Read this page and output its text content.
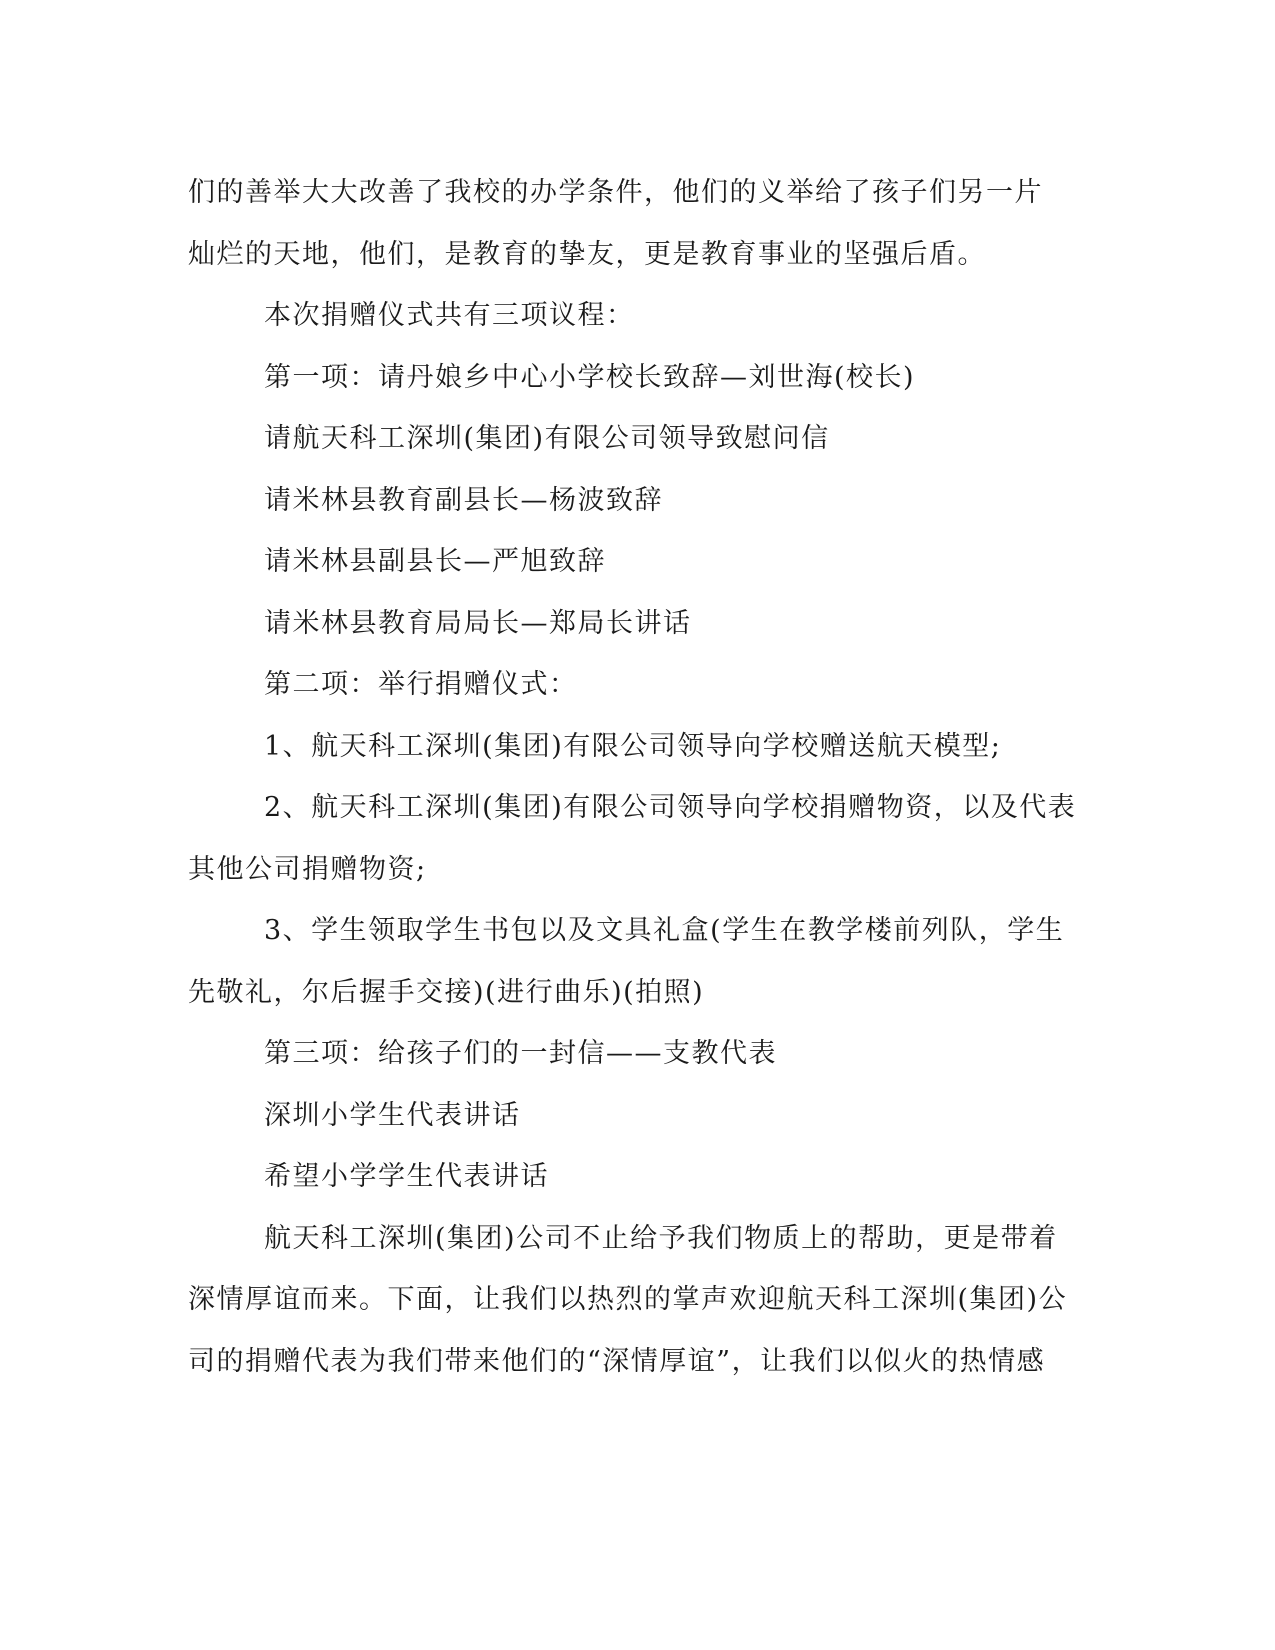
们的善举大大改善了我校的办学条件，他们的义举给了孩子们另一片
灿烂的天地，他们，是教育的挚友，更是教育事业的坚强后盾。

本次捐赠仪式共有三项议程：

第一项：请丹娘乡中心小学校长致辞—刘世海(校长)

请航天科工深圳(集团)有限公司领导致慰问信

请米林县教育副县长—杨波致辞

请米林县副县长—严旭致辞

请米林县教育局局长—郑局长讲话

第二项：举行捐赠仪式：

1、航天科工深圳(集团)有限公司领导向学校赠送航天模型;

2、航天科工深圳(集团)有限公司领导向学校捐赠物资，以及代表
其他公司捐赠物资;

3、学生领取学生书包以及文具礼盒(学生在教学楼前列队，学生
先敬礼，尔后握手交接)(进行曲乐)(拍照)

第三项：给孩子们的一封信——支教代表

深圳小学生代表讲话

希望小学学生代表讲话

航天科工深圳(集团)公司不止给予我们物质上的帮助，更是带着
深情厚谊而来。下面，让我们以热烈的掌声欢迎航天科工深圳(集团)公
司的捐赠代表为我们带来他们的“深情厚谊”，让我们以似火的热情感
